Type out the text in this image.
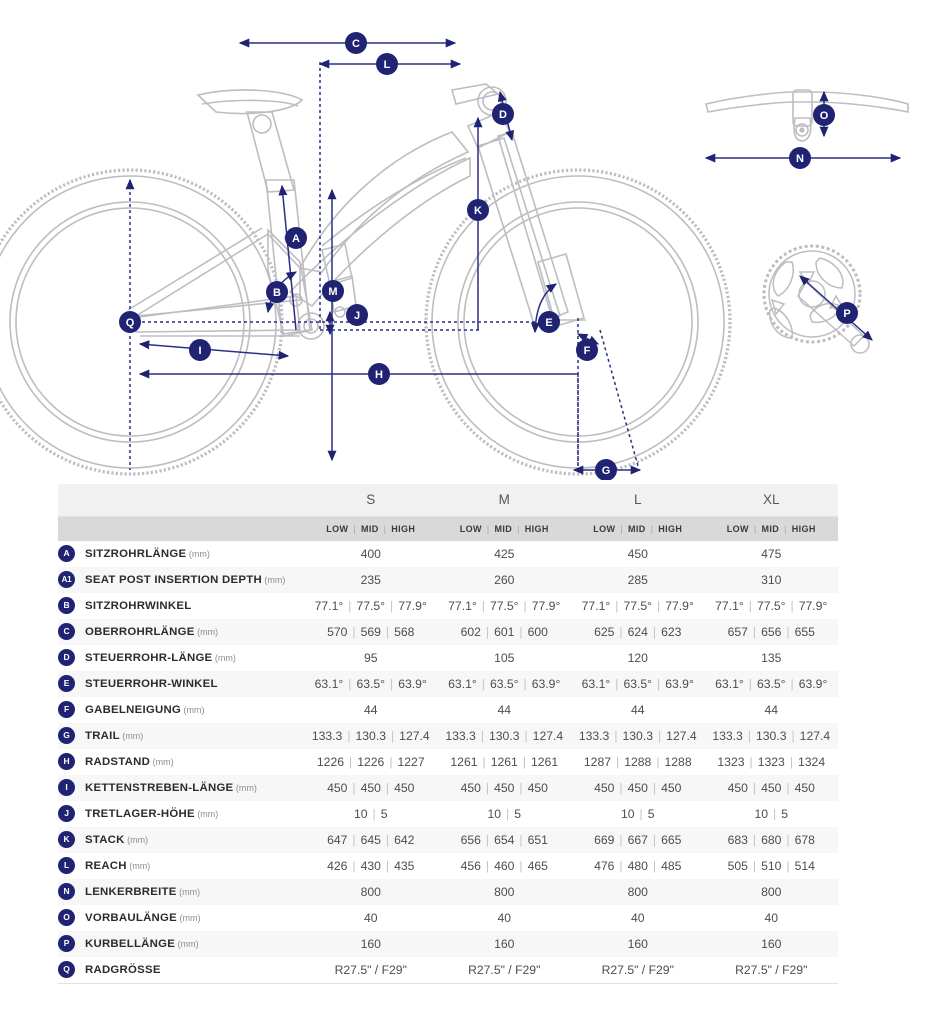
C
L
D
K
A
B	M
J
Q
I
H
E
F
G
N
O
P
	S	M	L	XL

	LOW | MID | HIGH	LOW | MID | HIGH	LOW | MID | HIGH	LOW | MID | HIGH

A SITZROHRLÄNGE (mm)	400	425	450	475
A1 SEAT POST INSERTION DEPTH (mm)	235	260	285	310
B SITZROHRWINKEL	77.1° | 77.5° | 77.9°	77.1° | 77.5° | 77.9°	77.1° | 77.5° | 77.9°	77.1° | 77.5° | 77.9°
C OBERROHRLÄNGE (mm)	570 | 569 | 568	602 | 601 | 600	625 | 624 | 623	657 | 656 | 655
D STEUERROHR-LÄNGE (mm)	95	105	120	135
E STEUERROHR-WINKEL	63.1° | 63.5° | 63.9°	63.1° | 63.5° | 63.9°	63.1° | 63.5° | 63.9°	63.1° | 63.5° | 63.9°
F GABELNEIGUNG (mm)	44	44	44	44
G TRAIL (mm)	133.3 | 130.3 | 127.4	133.3 | 130.3 | 127.4	133.3 | 130.3 | 127.4	133.3 | 130.3 | 127.4
H RADSTAND (mm)	1226 | 1226 | 1227	1261 | 1261 | 1261	1287 | 1288 | 1288	1323 | 1323 | 1324
I KETTENSTREBEN-LÄNGE (mm)	450 | 450 | 450	450 | 450 | 450	450 | 450 | 450	450 | 450 | 450
J TRETLAGER-HÖHE (mm)	10 | 5	10 | 5	10 | 5	10 | 5
K STACK (mm)	647 | 645 | 642	656 | 654 | 651	669 | 667 | 665	683 | 680 | 678
L REACH (mm)	426 | 430 | 435	456 | 460 | 465	476 | 480 | 485	505 | 510 | 514
N LENKERBREITE (mm)	800	800	800	800
O VORBAULÄNGE (mm)	40	40	40	40
P KURBELLÄNGE (mm)	160	160	160	160
Q RADGRÖSSE	R27.5" / F29"	R27.5" / F29"	R27.5" / F29"	R27.5" / F29"
